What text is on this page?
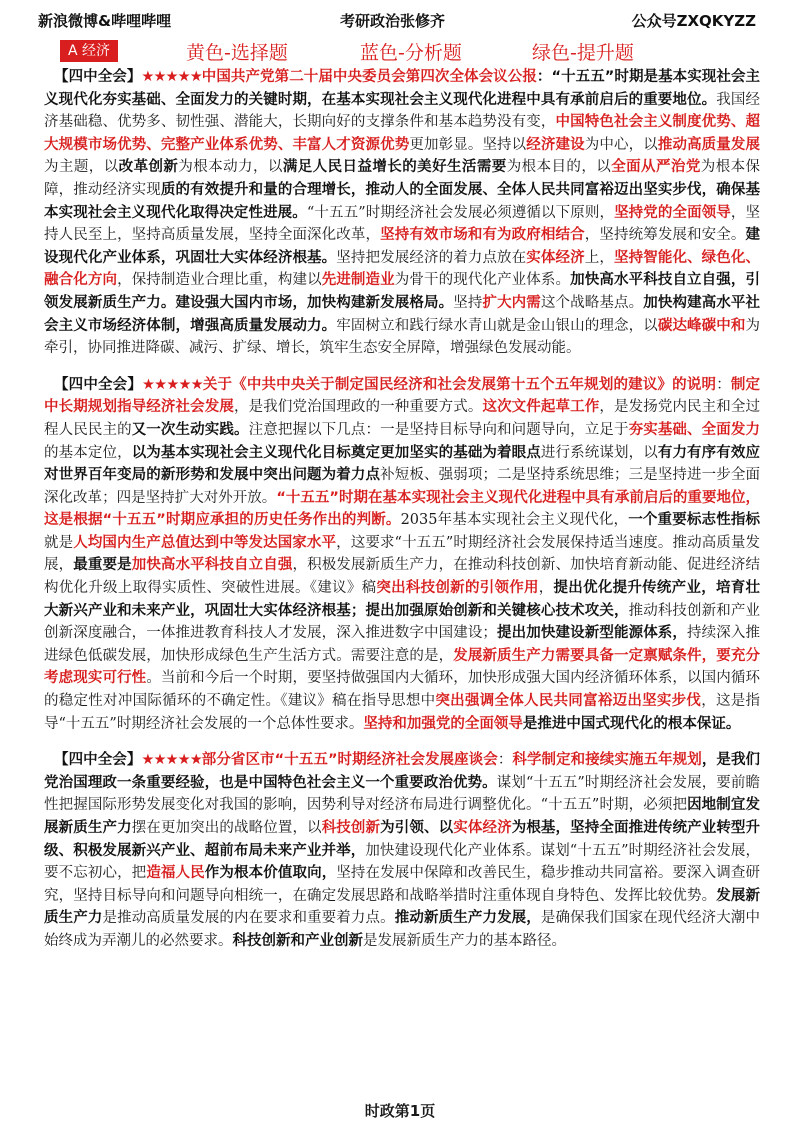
新浪微博&哔哩哔哩	考研政治张修齐	公众号ZXQKYZZ
A 经济	黄色-选择题	蓝色-分析题	绿色-提升题

【四中全会】★★★★★中国共产党第二十届中央委员会第四次全体会议公报：“十五五”时期是基本实现社会主义现代化夯实基础、全面发力的关键时期，在基本实现社会主义现代化进程中具有承前启后的重要地位。我国经济基础稳、优势多、韧性强、潜能大，长期向好的支撑条件和基本趋势没有变，中国特色社会主义制度优势、超大规模市场优势、完整产业体系优势、丰富人才资源优势更加彰显。坚持以经济建设为中心，以推动高质量发展为主题，以改革创新为根本动力，以满足人民日益增长的美好生活需要为根本目的，以全面从严治党为根本保障，推动经济实现质的有效提升和量的合理增长，推动人的全面发展、全体人民共同富裕迈出坚实步伐，确保基本实现社会主义现代化取得决定性进展。“十五五”时期经济社会发展必须遵循以下原则，坚持党的全面领导，坚持人民至上，坚持高质量发展，坚持全面深化改革，坚持有效市场和有为政府相结合，坚持统筹发展和安全。建设现代化产业体系，巩固壮大实体经济根基。坚持把发展经济的着力点放在实体经济上，坚持智能化、绿色化、融合化方向，保持制造业合理比重，构建以先进制造业为骨干的现代化产业体系。加快高水平科技自立自强，引领发展新质生产力。建设强大国内市场，加快构建新发展格局。坚持扩大内需这个战略基点。加快构建高水平社会主义市场经济体制，增强高质量发展动力。牢固树立和践行绿水青山就是金山银山的理念，以碳达峰碳中和为牵引，协同推进降碳、减污、扩绿、增长，筑牢生态安全屏障，增强绿色发展动能。

【四中全会】★★★★★关于《中共中央关于制定国民经济和社会发展第十五个五年规划的建议》的说明：制定中长期规划指导经济社会发展，是我们党治国理政的一种重要方式。这次文件起草工作，是发扬党内民主和全过程人民民主的又一次生动实践。注意把握以下几点：一是坚持目标导向和问题导向，立足于夯实基础、全面发力的基本定位，以为基本实现社会主义现代化目标奠定更加坚实的基础为着眼点进行系统谋划，以有力有序有效应对世界百年变局的新形势和发展中突出问题为着力点补短板、强弱项；二是坚持系统思维；三是坚持进一步全面深化改革；四是坚持扩大对外开放。“十五五”时期在基本实现社会主义现代化进程中具有承前启后的重要地位，这是根据“十五五”时期应承担的历史任务作出的判断。2035年基本实现社会主义现代化，一个重要标志性指标就是人均国内生产总值达到中等发达国家水平，这要求“十五五”时期经济社会发展保持适当速度。推动高质量发展，最重要是加快高水平科技自立自强，积极发展新质生产力，在推动科技创新、加快培育新动能、促进经济结构优化升级上取得实质性、突破性进展。《建议》稿突出科技创新的引领作用，提出优化提升传统产业，培育壮大新兴产业和未来产业，巩固壮大实体经济根基；提出加强原始创新和关键核心技术攻关，推动科技创新和产业创新深度融合，一体推进教育科技人才发展，深入推进数字中国建设；提出加快建设新型能源体系，持续深入推进绿色低碳发展，加快形成绿色生产生活方式。需要注意的是，发展新质生产力需要具备一定禀赋条件，要充分考虑现实可行性。当前和今后一个时期，要坚持做强国内大循环，加快形成强大国内经济循环体系，以国内循环的稳定性对冲国际循环的不确定性。《建议》稿在指导思想中突出强调全体人民共同富裕迈出坚实步伐，这是指导“十五五”时期经济社会发展的一个总体性要求。坚持和加强党的全面领导是推进中国式现代化的根本保证。

【四中全会】★★★★★部分省区市“十五五”时期经济社会发展座谈会：科学制定和接续实施五年规划，是我们党治国理政一条重要经验，也是中国特色社会主义一个重要政治优势。谋划“十五五”时期经济社会发展，要前瞻性把握国际形势发展变化对我国的影响，因势利导对经济布局进行调整优化。“十五五”时期，必须把因地制宜发展新质生产力摆在更加突出的战略位置，以科技创新为引领、以实体经济为根基，坚持全面推进传统产业转型升级、积极发展新兴产业、超前布局未来产业并举，加快建设现代化产业体系。谋划“十五五”时期经济社会发展，要不忘初心，把造福人民作为根本价值取向，坚持在发展中保障和改善民生，稳步推动共同富裕。要深入调查研究，坚持目标导向和问题导向相统一，在确定发展思路和战略举措时注重体现自身特色、发挥比较优势。发展新质生产力是推动高质量发展的内在要求和重要着力点。推动新质生产力发展，是确保我们国家在现代经济大潮中始终成为弄潮儿的必然要求。科技创新和产业创新是发展新质生产力的基本路径。

时政第1页
